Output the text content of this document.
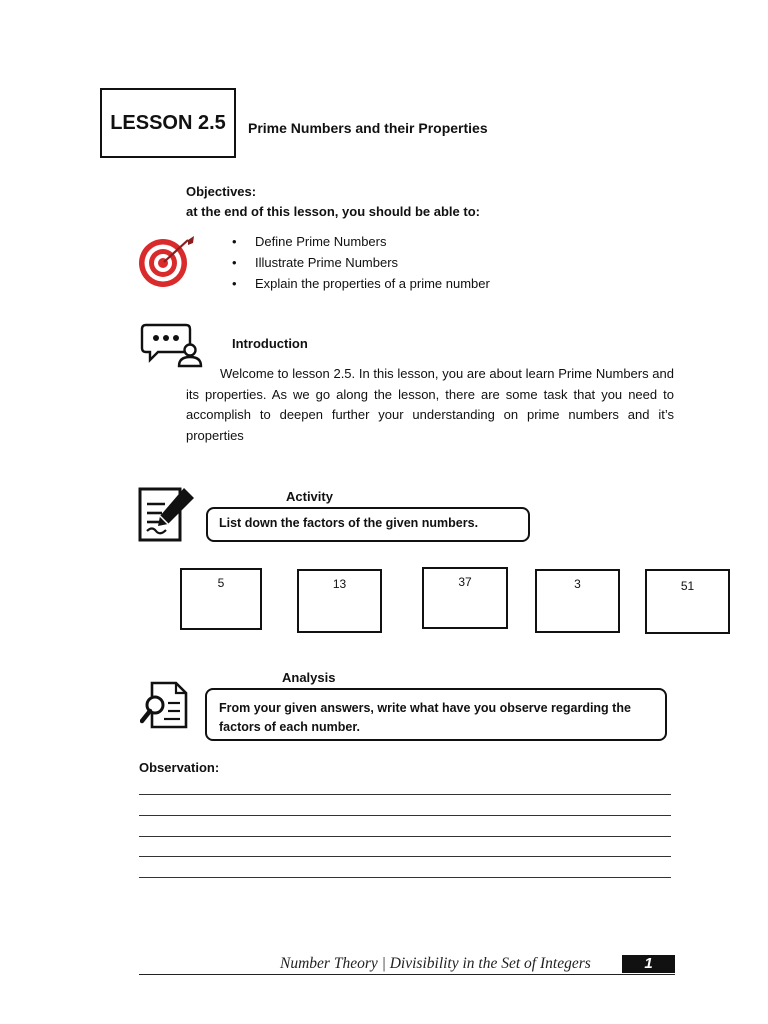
LESSON 2.5 Prime Numbers and their Properties
Objectives:
at the end of this lesson, you should be able to:
• Define Prime Numbers
• Illustrate Prime Numbers
• Explain the properties of a prime number
Introduction

Welcome to lesson 2.5. In this lesson, you are about learn Prime Numbers and its properties. As we go along the lesson, there are some task that you need to accomplish to deepen further your understanding on prime numbers and it’s properties

Activity
List down the factors of the given numbers.
5	13	37	3	51
Analysis
From your given answers, write what have you observe regarding the factors of each number.
Observation:
Number Theory | Divisibility in the Set of Integers	1
